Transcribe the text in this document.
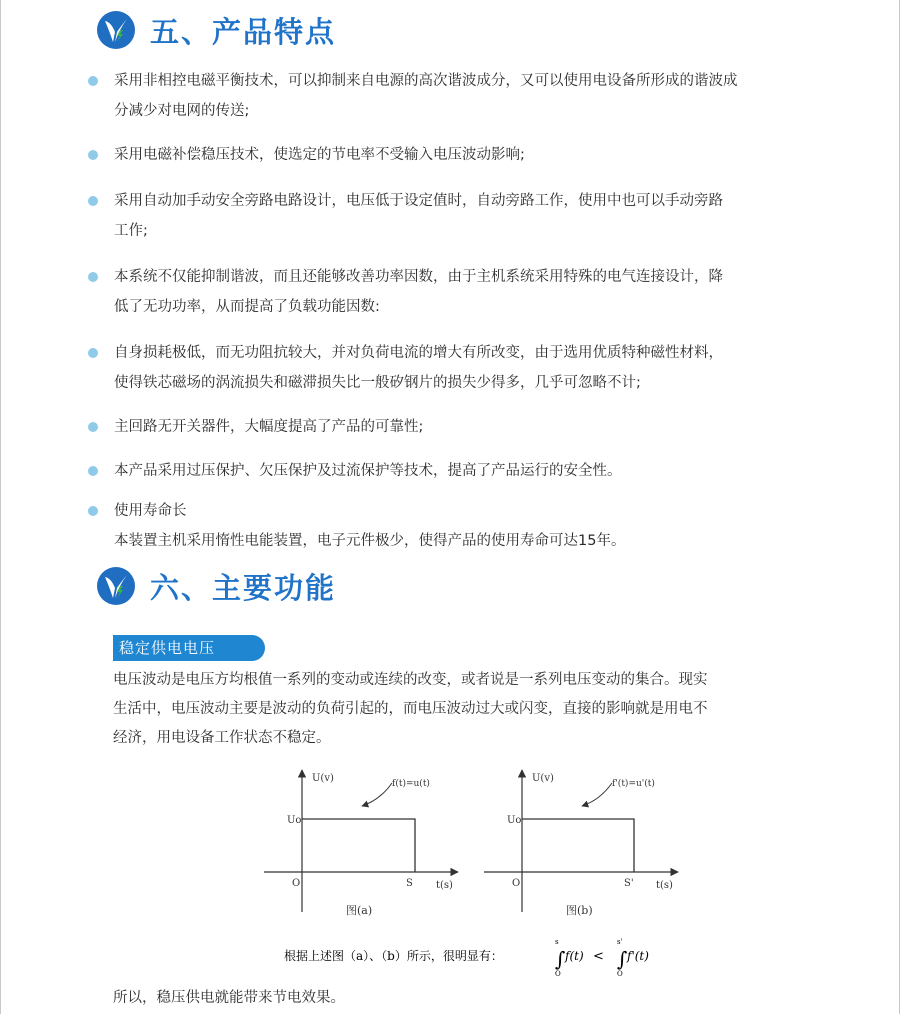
五、产品特点
采用非相控电磁平衡技术，可以抑制来自电源的高次谐波成分，又可以使用电设备所形成的谐波成
分减少对电网的传送;
采用电磁补偿稳压技术，使选定的节电率不受输入电压波动影响;
采用自动加手动安全旁路电路设计，电压低于设定值时，自动旁路工作，使用中也可以手动旁路
工作;
本系统不仅能抑制谐波，而且还能够改善功率因数，由于主机系统采用特殊的电气连接设计，降
低了无功功率，从而提高了负载功能因数:
自身损耗极低，而无功阻抗较大，并对负荷电流的增大有所改变，由于选用优质特种磁性材料，
使得铁芯磁场的涡流损失和磁滞损失比一般矽钢片的损失少得多，几乎可忽略不计;
主回路无开关器件，大幅度提高了产品的可靠性;
本产品采用过压保护、欠压保护及过流保护等技术，提高了产品运行的安全性。
使用寿命长
本装置主机采用惰性电能装置，电子元件极少，使得产品的使用寿命可达15年。
六、主要功能
稳定供电电压
电压波动是电压方均根值一系列的变动或连续的改变，或者说是一系列电压变动的集合。现实
生活中，电压波动主要是波动的负荷引起的，而电压波动过大或闪变，直接的影响就是用电不
经济，用电设备工作状态不稳定。
U(v)	f(t)=u(t)
Uo
O	S t(s)
图(a)
U(v)	f'(t)=u'(t)
Uo
O	S' t(s)
图(b)
根据上述图（a）、（b）所示，很明显有：	∫
s
O
f(t) < ∫
s'
O
f'(t)
所以，稳压供电就能带来节电效果。
